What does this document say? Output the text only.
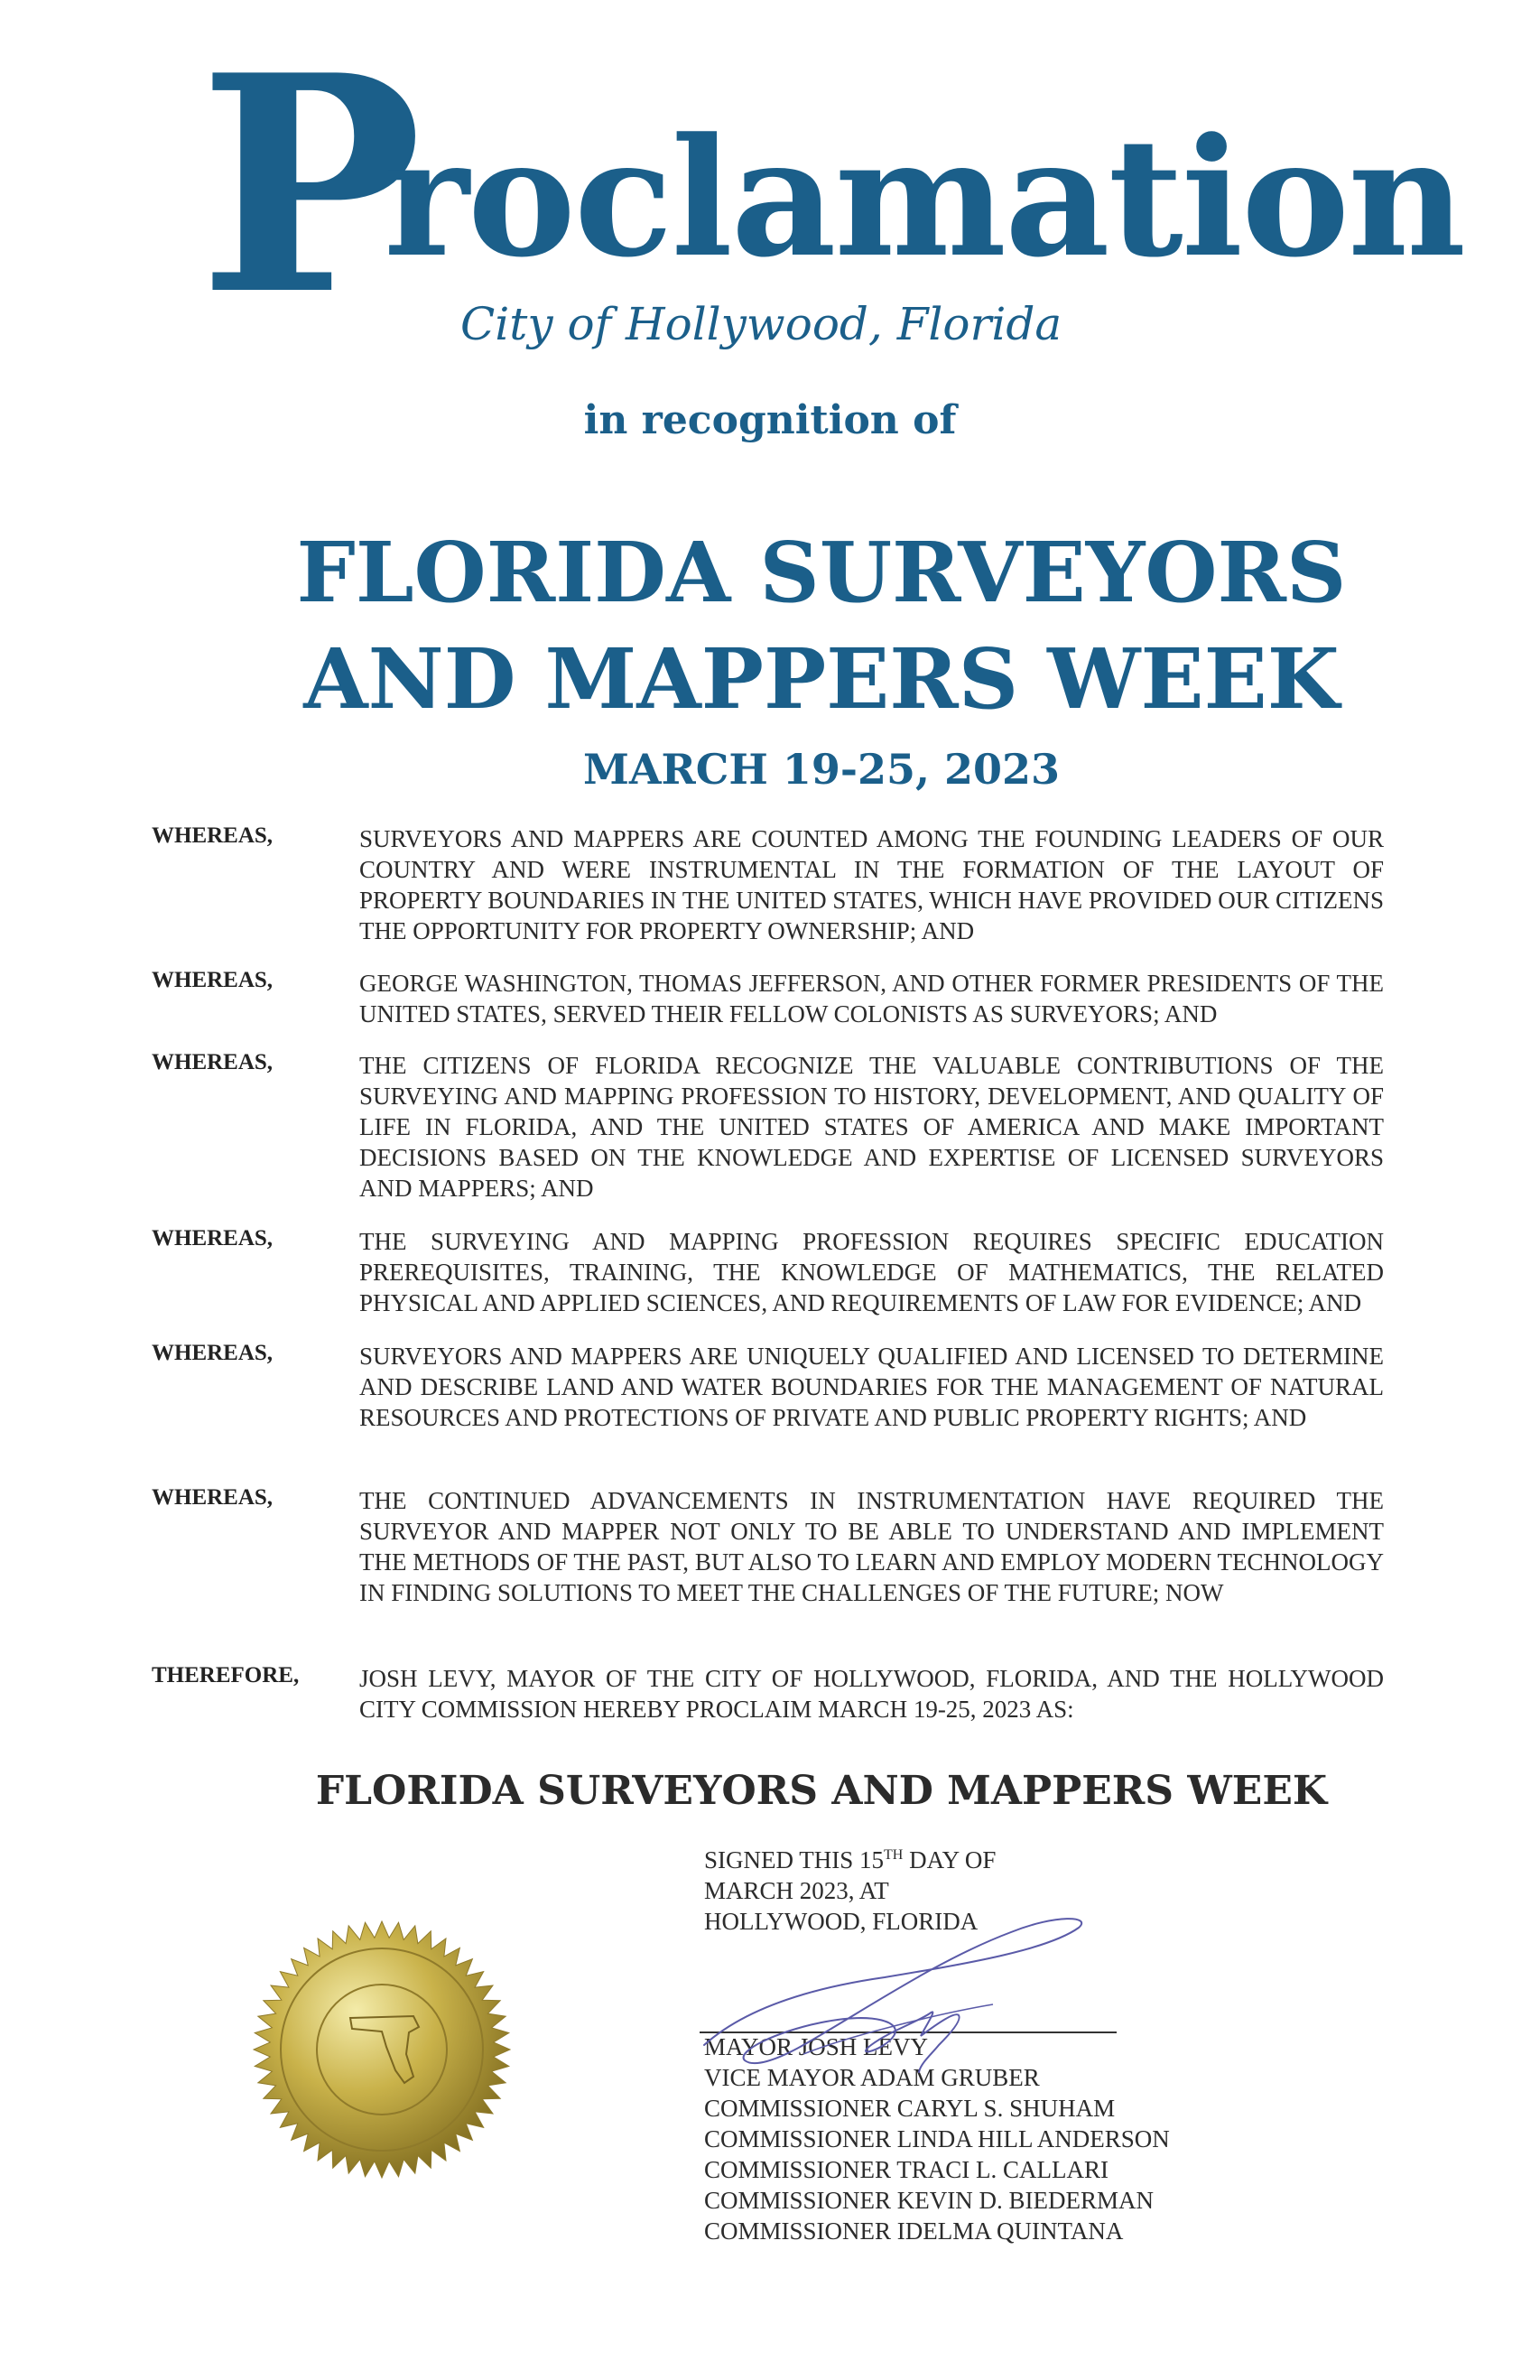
P
roclamation
City of Hollywood, Florida
in recognition of
FLORIDA SURVEYORS
AND MAPPERS WEEK
MARCH 19-25, 2023
WHEREAS,	SURVEYORS AND MAPPERS ARE COUNTED AMONG THE FOUNDING LEADERS OF OUR COUNTRY AND WERE INSTRUMENTAL IN THE FORMATION OF THE LAYOUT OF PROPERTY BOUNDARIES IN THE UNITED STATES, WHICH HAVE PROVIDED OUR CITIZENS THE OPPORTUNITY FOR PROPERTY OWNERSHIP; AND
WHEREAS,	GEORGE WASHINGTON, THOMAS JEFFERSON, AND OTHER FORMER PRESIDENTS OF THE UNITED STATES, SERVED THEIR FELLOW COLONISTS AS SURVEYORS; AND
WHEREAS,	THE CITIZENS OF FLORIDA RECOGNIZE THE VALUABLE CONTRIBUTIONS OF THE SURVEYING AND MAPPING PROFESSION TO HISTORY, DEVELOPMENT, AND QUALITY OF LIFE IN FLORIDA, AND THE UNITED STATES OF AMERICA AND MAKE IMPORTANT DECISIONS BASED ON THE KNOWLEDGE AND EXPERTISE OF LICENSED SURVEYORS AND MAPPERS; AND
WHEREAS,	THE SURVEYING AND MAPPING PROFESSION REQUIRES SPECIFIC EDUCATION PREREQUISITES, TRAINING, THE KNOWLEDGE OF MATHEMATICS, THE RELATED PHYSICAL AND APPLIED SCIENCES, AND REQUIREMENTS OF LAW FOR EVIDENCE; AND
WHEREAS,	SURVEYORS AND MAPPERS ARE UNIQUELY QUALIFIED AND LICENSED TO DETERMINE AND DESCRIBE LAND AND WATER BOUNDARIES FOR THE MANAGEMENT OF NATURAL RESOURCES AND PROTECTIONS OF PRIVATE AND PUBLIC PROPERTY RIGHTS; AND
WHEREAS,	THE CONTINUED ADVANCEMENTS IN INSTRUMENTATION HAVE REQUIRED THE SURVEYOR AND MAPPER NOT ONLY TO BE ABLE TO UNDERSTAND AND IMPLEMENT THE METHODS OF THE PAST, BUT ALSO TO LEARN AND EMPLOY MODERN TECHNOLOGY IN FINDING SOLUTIONS TO MEET THE CHALLENGES OF THE FUTURE; NOW
THEREFORE, JOSH LEVY, MAYOR OF THE CITY OF HOLLYWOOD, FLORIDA, AND THE HOLLYWOOD CITY COMMISSION HEREBY PROCLAIM MARCH 19-25, 2023 AS:
FLORIDA SURVEYORS AND MAPPERS WEEK
SIGNED THIS 15TH DAY OF
MARCH 2023, AT
HOLLYWOOD, FLORIDA
MAYOR JOSH LEVY
VICE MAYOR ADAM GRUBER
COMMISSIONER CARYL S. SHUHAM
COMMISSIONER LINDA HILL ANDERSON
COMMISSIONER TRACI L. CALLARI
COMMISSIONER KEVIN D. BIEDERMAN
COMMISSIONER IDELMA QUINTANA
